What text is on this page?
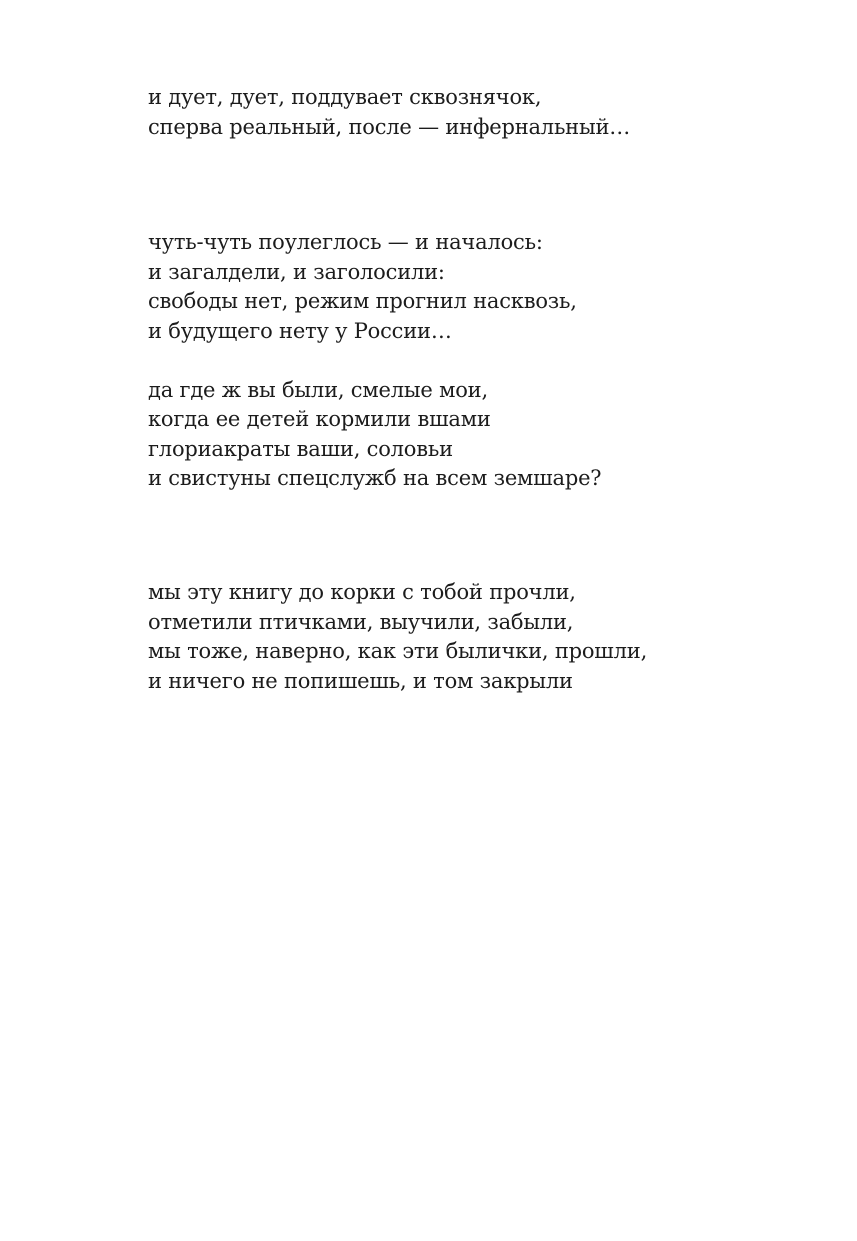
и дует, дует, поддувает сквознячок,
сперва реальный, после — инфернальный…
чуть-чуть поулеглось — и началось:
и загалдели, и заголосили:
свободы нет, режим прогнил насквозь,
и будущего нету у России…
да где ж вы были, смелые мои,
когда ее детей кормили вшами
глориакраты ваши, соловьи
и свистуны спецслужб на всем земшаре?
мы эту книгу до корки с тобой прочли,
отметили птичками, выучили, забыли,
мы тоже, наверно, как эти былички, прошли,
и ничего не попишешь, и том закрыли
